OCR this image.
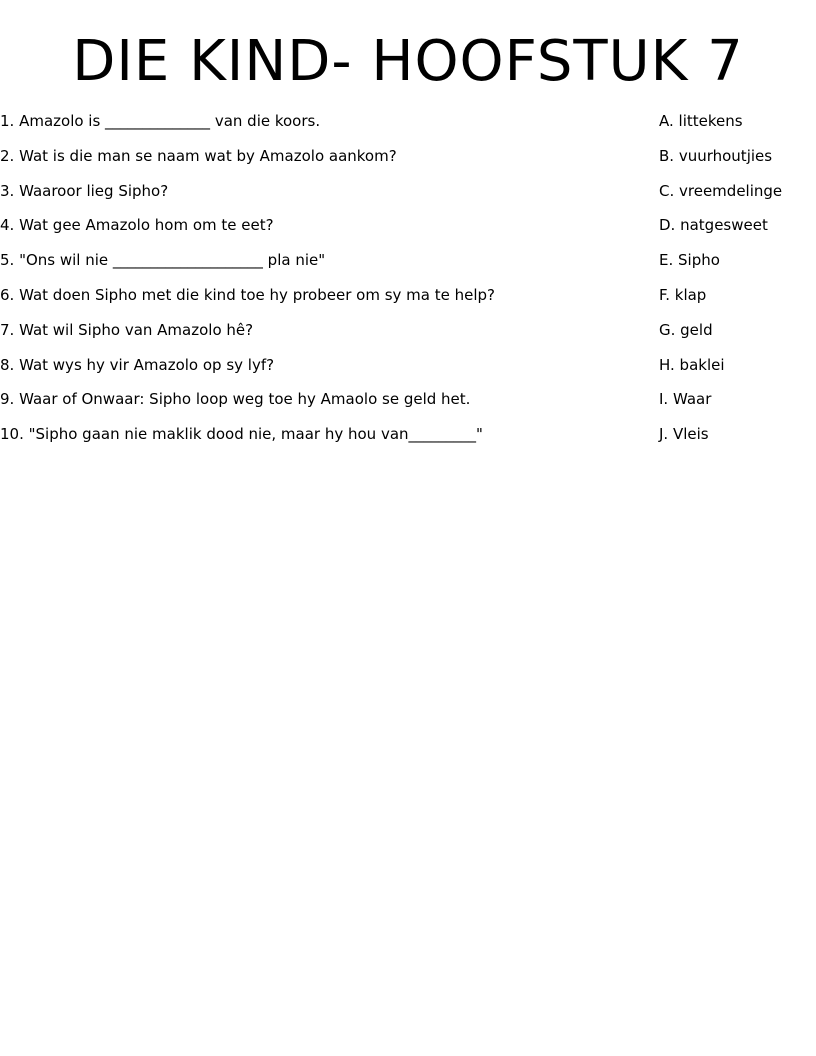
DIE KIND- HOOFSTUK 7
1. Amazolo is ______________ van die koors.
2. Wat is die man se naam wat by Amazolo aankom?
3. Waaroor lieg Sipho?
4. Wat gee Amazolo hom om te eet?
5. "Ons wil nie ____________________ pla nie"
6. Wat doen Sipho met die kind toe hy probeer om sy ma te help?
7. Wat wil Sipho van Amazolo hê?
8. Wat wys hy vir Amazolo op sy lyf?
9. Waar of Onwaar: Sipho loop weg toe hy Amaolo se geld het.
10. "Sipho gaan nie maklik dood nie, maar hy hou van_________"
A. littekens
B. vuurhoutjies
C. vreemdelinge
D. natgesweet
E. Sipho
F. klap
G. geld
H. baklei
I. Waar
J. Vleis
